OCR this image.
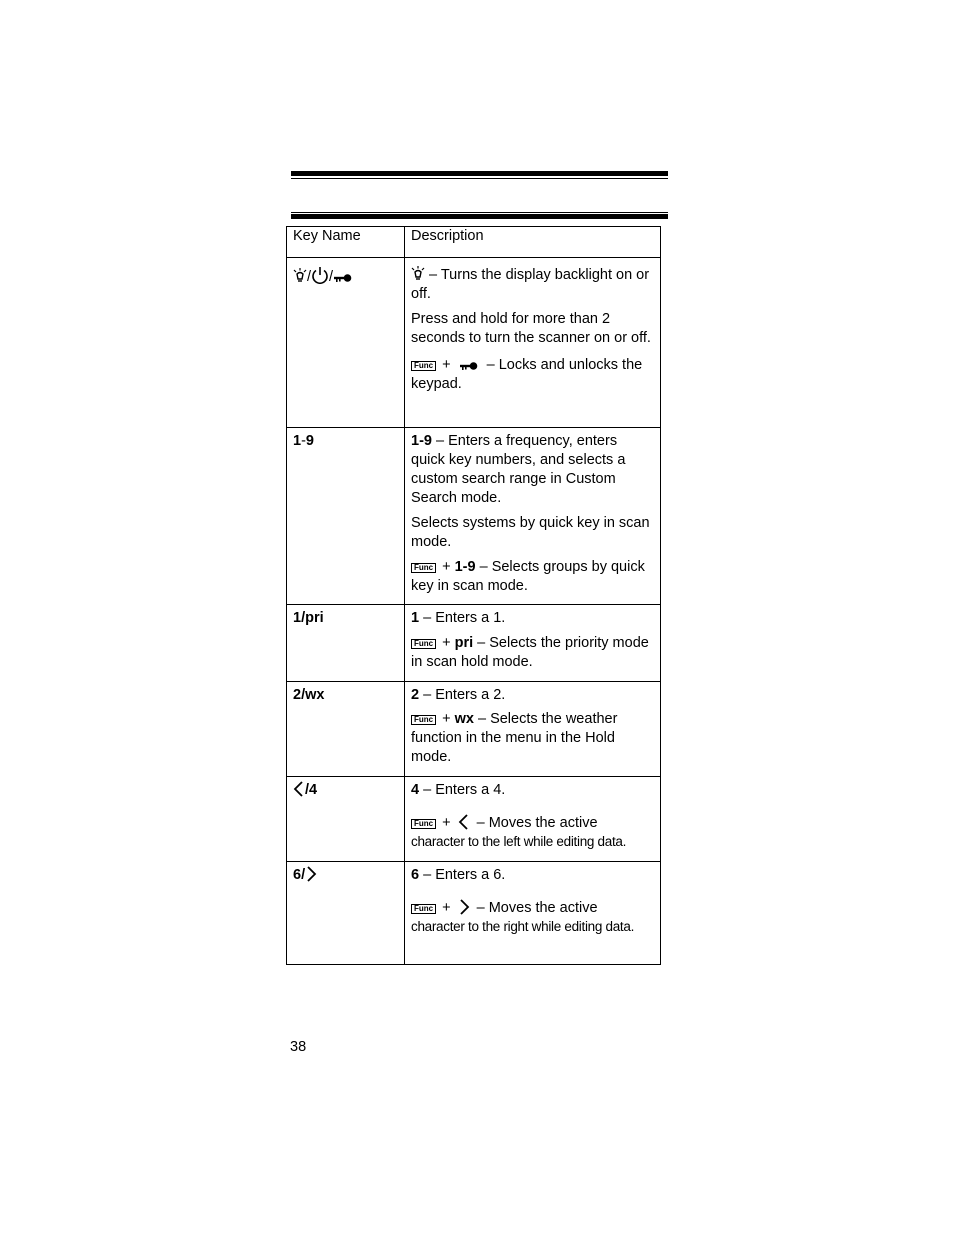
Key Name	Description
/ /	– Turns the display backlight on or off.

Press and hold for more than 2 seconds to turn the scanner on or off.

Func + – Locks and unlocks the keypad.

1-9	1-9 – Enters a frequency, enters quick key numbers, and selects a custom search range in Custom Search mode.

Selects systems by quick key in scan mode.

Func + 1-9 – Selects groups by quick key in scan mode.

1/pri	1 – Enters a 1.

Func + pri – Selects the priority mode in scan hold mode.

2/wx	2 – Enters a 2.

Func + wx – Selects the weather function in the menu in the Hold mode.

/4	4 – Enters a 4.

Func + – Moves the active

character to the left while editing data.

6/	6 – Enters a 6.

Func + – Moves the active

character to the right while editing data.

38
